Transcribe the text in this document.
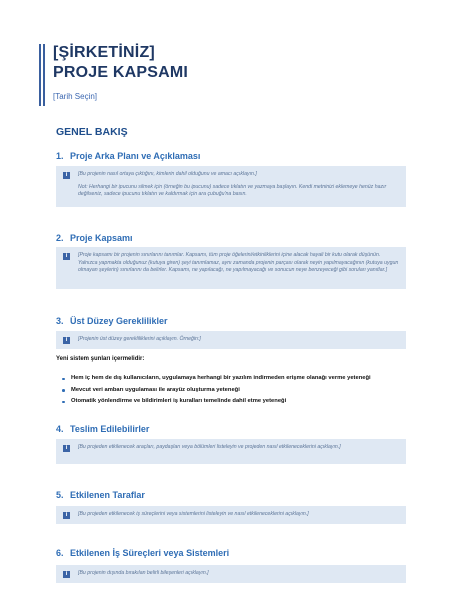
[ŞİRKETİNİZ]
PROJE KAPSAMI
[Tarih Seçin]
GENEL BAKIŞ
1. Proje Arka Planı ve Açıklaması
i	[Bu projenin nasıl ortaya çıktığını, kimlerin dahil olduğunu ve amacı açıklayın.]
Not: Herhangi bir ipucunu silmek için (örneğin bu ipucunu) sadece tıklatın ve yazmaya başlayın. Kendi metninizi eklemeye henüz hazır değilseniz, sadece ipucunu tıklatın ve kaldırmak için ara çubuğu'na basın.
2. Proje Kapsamı
i	[Proje kapsamı bir projenin sınırlarını tanımlar. Kapsamı, tüm proje öğelerini/etkinliklerini içine alacak hayali bir kutu olarak düşünün. Yalnızca yapmakta olduğunuz (kutuya giren) şeyi tanımlamaz, aynı zamanda projenin parçası olarak neyin yapılmayacağının (kutuya uygun olmayan şeylerin) sınırlarını da belirler. Kapsamı, ne yapılacağı, ne yapılmayacağı ve sonucun neye benzeyeceği gibi soruları yanıtlar.]
3. Üst Düzey Gereklilikler
i	[Projenin üst düzey gerekliliklerini açıklayın. Örneğin:]
Yeni sistem şunları içermelidir:
Hem iç hem de dış kullanıcıların, uygulamaya herhangi bir yazılım indirmeden erişme olanağı verme yeteneği
Mevcut veri ambarı uygulaması ile arayüz oluşturma yeteneği
Otomatik yönlendirme ve bildirimleri iş kuralları temelinde dahil etme yeteneği
4. Teslim Edilebilirler
i	[Bu projeden etkilenecek araçları, paydaşları veya bölümleri listeleyin ve projeden nasıl etkileneceklerini açıklayın.]
5. Etkilenen Taraflar
i	[Bu projeden etkilenecek iş süreçlerini veya sistemlerini listeleyin ve nasıl etkileneceklerini açıklayın.]
6. Etkilenen İş Süreçleri veya Sistemleri
i	[Bu projenin dışında bırakılan belirli bileşenleri açıklayın.]
